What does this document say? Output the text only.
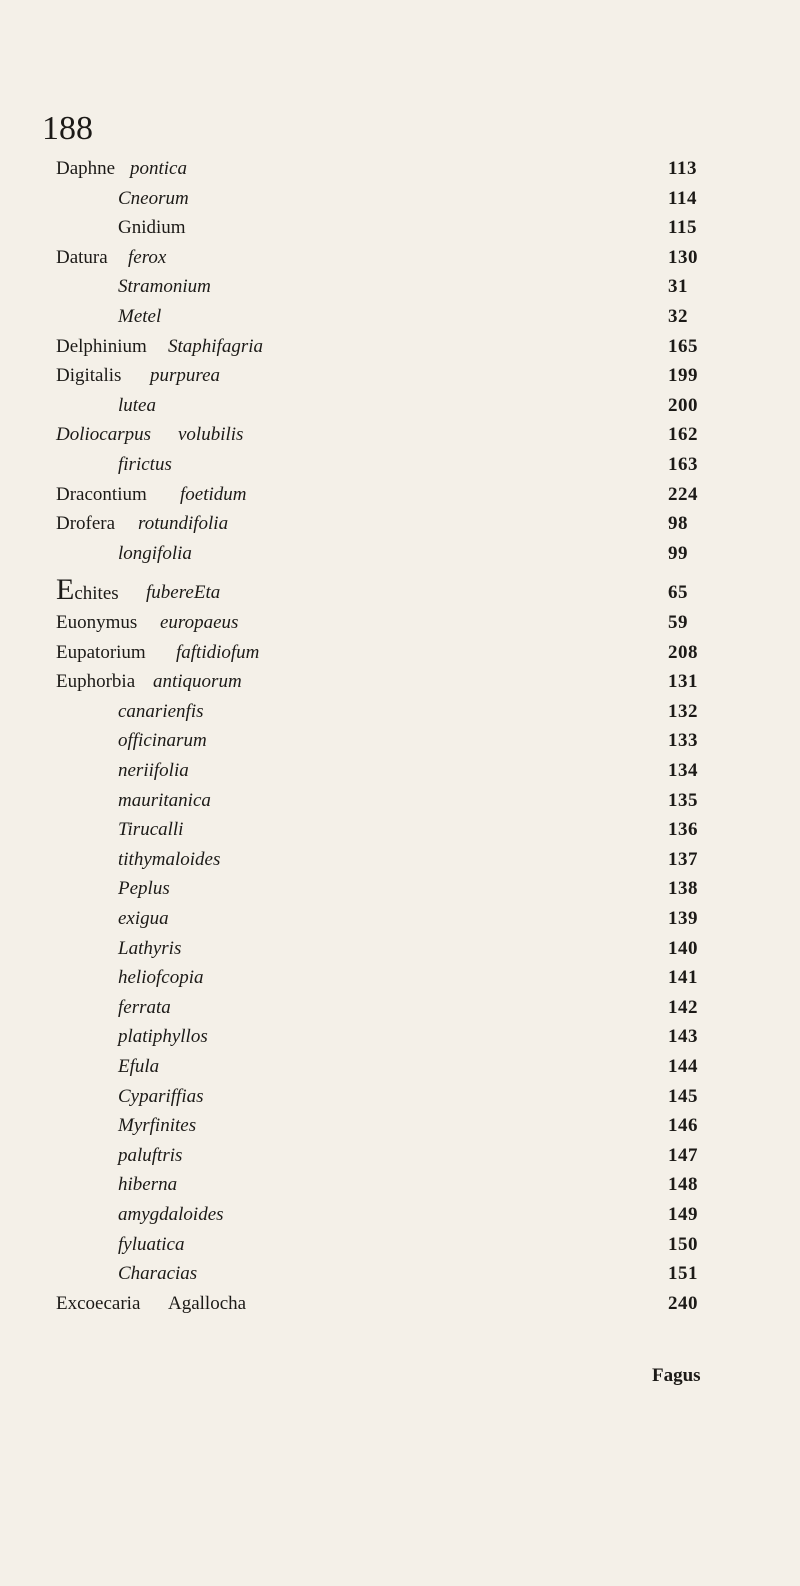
188
Daphne pontica	113
Cneorum	114
Gnidium	115
Datura ferox	130
Stramonium	31
Metel	32
Delphinium Staphifagria	165
Digitalis purpurea	199
lutea	200
Doliocarpus volubilis	162
firictus	163
Dracontium foetidum	224
Drofera rotundifolia	98
longifolia	99
Echites fubereEta	65
Euonymus europaeus	59
Eupatorium faftidiofum	208
Euphorbia antiquorum	131
canarienfis	132
officinarum	133
neriifolia	134
mauritanica	135
Tirucalli	136
tithymaloides	137
Peplus	138
exigua	139
Lathyris	140
heliofcopia	141
ferrata	142
platiphyllos	143
Efula	144
Cypariffias	145
Myrfinites	146
paluftris	147
hiberna	148
amygdaloides	149
fyluatica	150
Characias	151
Excoecaria Agallocha	240
Fagus
